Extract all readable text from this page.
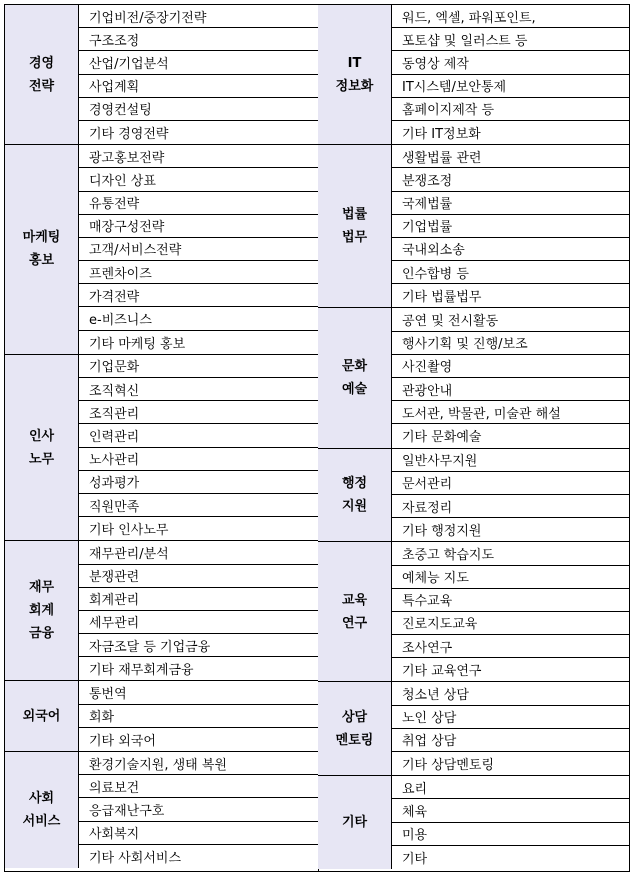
경영
전략
기업비전/중장기전략
구조조정
산업/기업분석
사업계획
경영컨설팅
기타 경영전략
마케팅
홍보
광고홍보전략
디자인 상표
유통전략
매장구성전략
고객/서비스전략
프렌차이즈
가격전략
e-비즈니스
기타 마케팅 홍보
인사
노무
기업문화
조직혁신
조직관리
인력관리
노사관리
성과평가
직원만족
기타 인사노무
재무
회계
금융
재무관리/분석
분쟁관련
회계관리
세무관리
자금조달 등 기업금융
기타 재무회계금융
외국어
통번역
회화
기타 외국어
사회
서비스
환경기술지원, 생태 복원
의료보건
응급재난구호
사회복지
기타 사회서비스
IT
정보화
워드, 엑셀, 파워포인트,
포토샵 및 일러스트 등
동영상 제작
IT시스템/보안통제
홈페이지제작 등
기타 IT정보화
법률
법무
생활법률 관련
분쟁조정
국제법률
기업법률
국내외소송
인수합병 등
기타 법률법무
문화
예술
공연 및 전시활동
행사기획 및 진행/보조
사진촬영
관광안내
도서관, 박물관, 미술관 해설
기타 문화예술
행정
지원
일반사무지원
문서관리
자료정리
기타 행정지원
교육
연구
초중고 학습지도
예체능 지도
특수교육
진로지도교육
조사연구
기타 교육연구
상담
멘토링
청소년 상담
노인 상담
취업 상담
기타 상담멘토링
기타
요리
체육
미용
기타
